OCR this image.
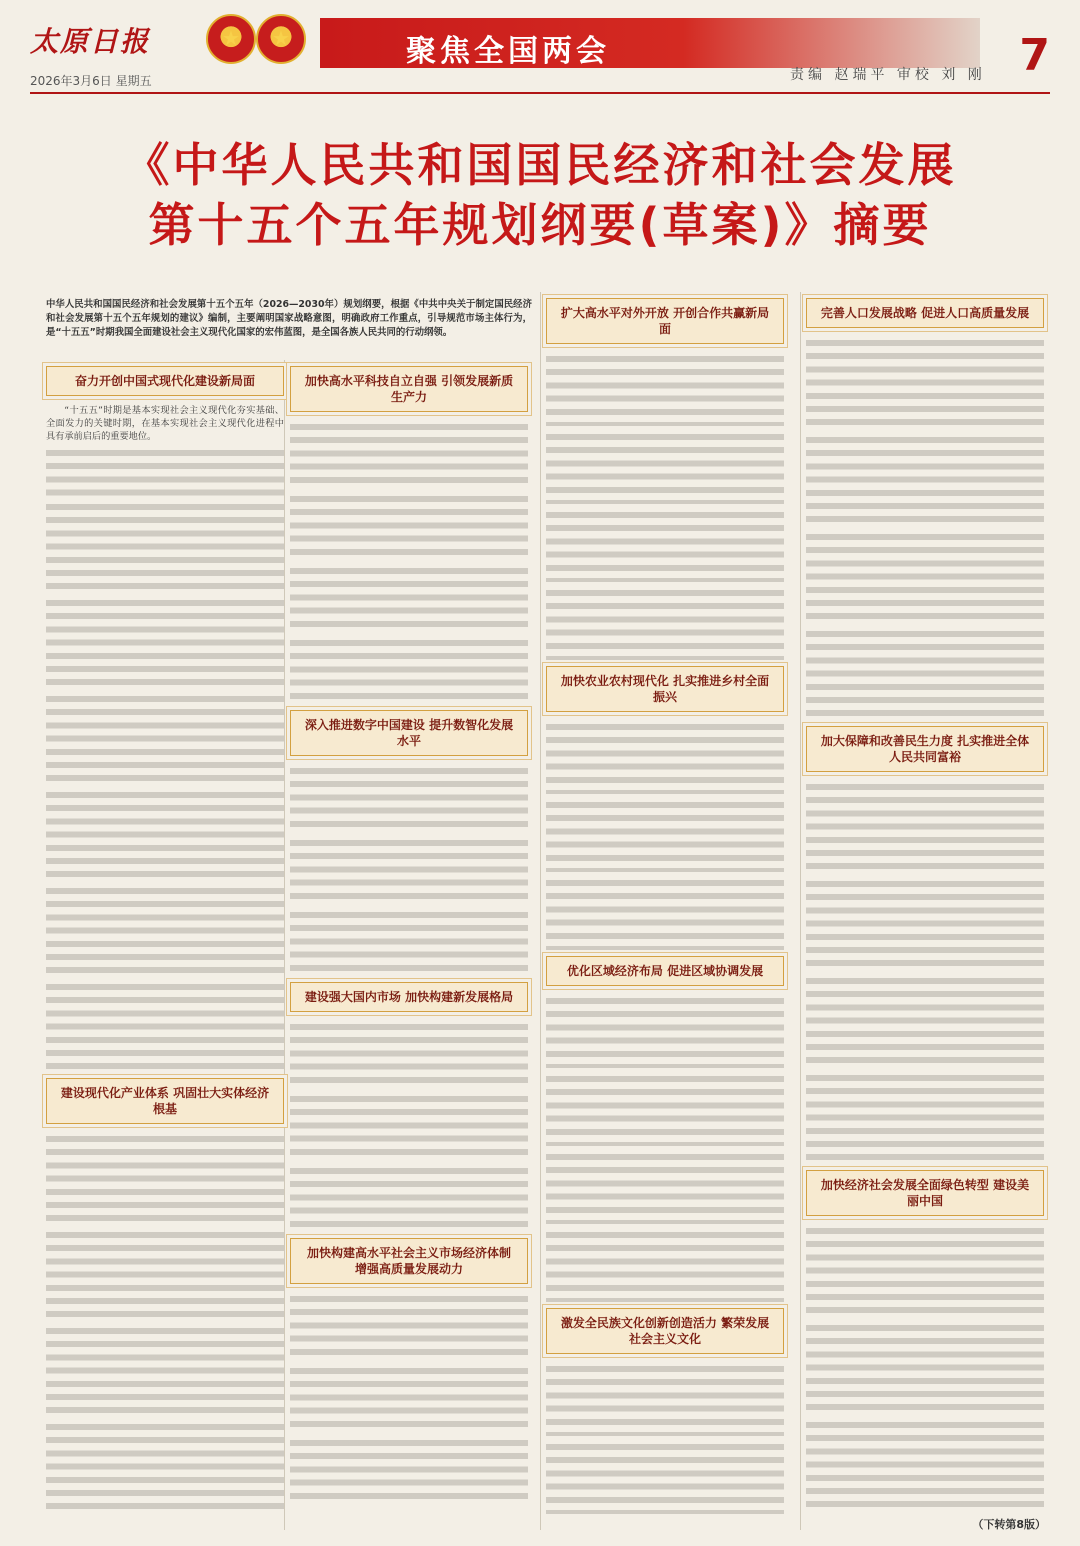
太原日报
2026年3月6日 星期五
★	★	聚焦全国两会
责编 赵瑞平 审校 刘 刚 7
《中华人民共和国国民经济和社会发展
第十五个五年规划纲要(草案)》摘要
中华人民共和国国民经济和社会发展第十五个五年（2026—2030年）规划纲要，根据《中共中央关于制定国民经济和社会发展第十五个五年规划的建议》编制，主要阐明国家战略意图，明确政府工作重点，引导规范市场主体行为，是“十五五”时期我国全面建设社会主义现代化国家的宏伟蓝图，是全国各族人民共同的行动纲领。
奋力开创中国式现代化建设新局面
“十五五”时期是基本实现社会主义现代化夯实基础、全面发力的关键时期，在基本实现社会主义现代化进程中具有承前启后的重要地位。
建设现代化产业体系 巩固壮大实体经济根基
加快高水平科技自立自强 引领发展新质生产力
深入推进数字中国建设 提升数智化发展水平
建设强大国内市场 加快构建新发展格局
加快构建高水平社会主义市场经济体制 增强高质量发展动力
扩大高水平对外开放 开创合作共赢新局面
加快农业农村现代化 扎实推进乡村全面振兴
优化区域经济布局 促进区域协调发展
激发全民族文化创新创造活力 繁荣发展社会主义文化
完善人口发展战略 促进人口高质量发展
加大保障和改善民生力度 扎实推进全体人民共同富裕
加快经济社会发展全面绿色转型 建设美丽中国
（下转第8版）
